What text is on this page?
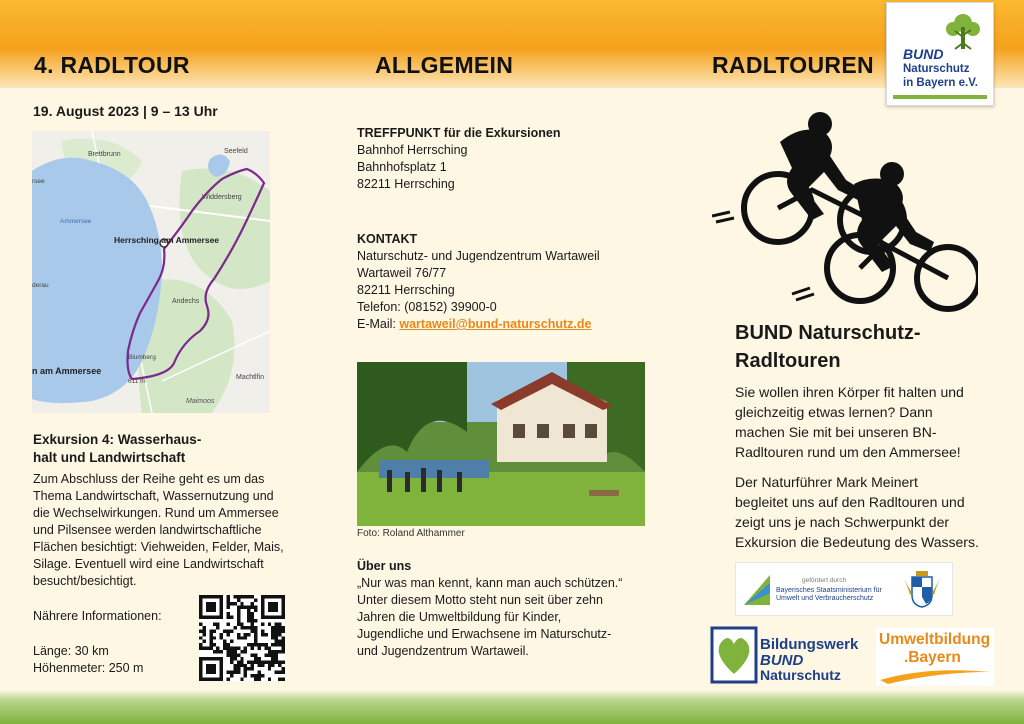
4. RADLTOUR	ALLGEMEIN	RADLTOUREN BUND
Naturschutz
in Bayern e.V.
19. August 2023 | 9 – 13 Uhr
Brettbrunn	Seefeld
Widdersberg
Ammersee
Herrsching am Ammersee
Andechs
Blumberg
611 m
n am Ammersee
Machtlfin
Maimoos
rsee
derau
Exkursion 4: Wasserhaus-
halt und Landwirtschaft
Zum Abschluss der Reihe geht es um das
Thema Landwirtschaft, Wassernutzung und
die Wechselwirkungen. Rund um Ammersee
und Pilsensee werden landwirtschaftliche
Flächen besichtigt: Viehweiden, Felder, Mais,
Silage. Eventuell wird eine Landwirtschaft
besucht/besichtigt.
Nährere Informationen:
Länge: 30 km
Höhenmeter: 250 m
TREFFPUNKT für die Exkursionen
Bahnhof Herrsching
Bahnhofsplatz 1
82211 Herrsching
KONTAKT
Naturschutz- und Jugendzentrum Wartaweil
Wartaweil 76/77
82211 Herrsching
Telefon: (08152) 39900-0
E-Mail: wartaweil@bund-naturschutz.de
Foto: Roland Althammer
Über uns
„Nur was man kennt, kann man auch schützen.“
Unter diesem Motto steht nun seit über zehn
Jahren die Umweltbildung für Kinder,
Jugendliche und Erwachsene im Naturschutz-
und Jugendzentrum Wartaweil.
BUND Naturschutz-
Radltouren
Sie wollen ihren Körper fit halten und
gleichzeitig etwas lernen? Dann
machen Sie mit bei unseren BN-
Radltouren rund um den Ammersee!
Der Naturführer Mark Meinert
begleitet uns auf den Radltouren und
zeigt uns je nach Schwerpunkt der
Exkursion die Bedeutung des Wassers.
gefördert durch
Bayerisches Staatsministerium für
Umwelt und Verbraucherschutz
Bildungswerk
BUND
Naturschutz
Umweltbildung
.Bayern
